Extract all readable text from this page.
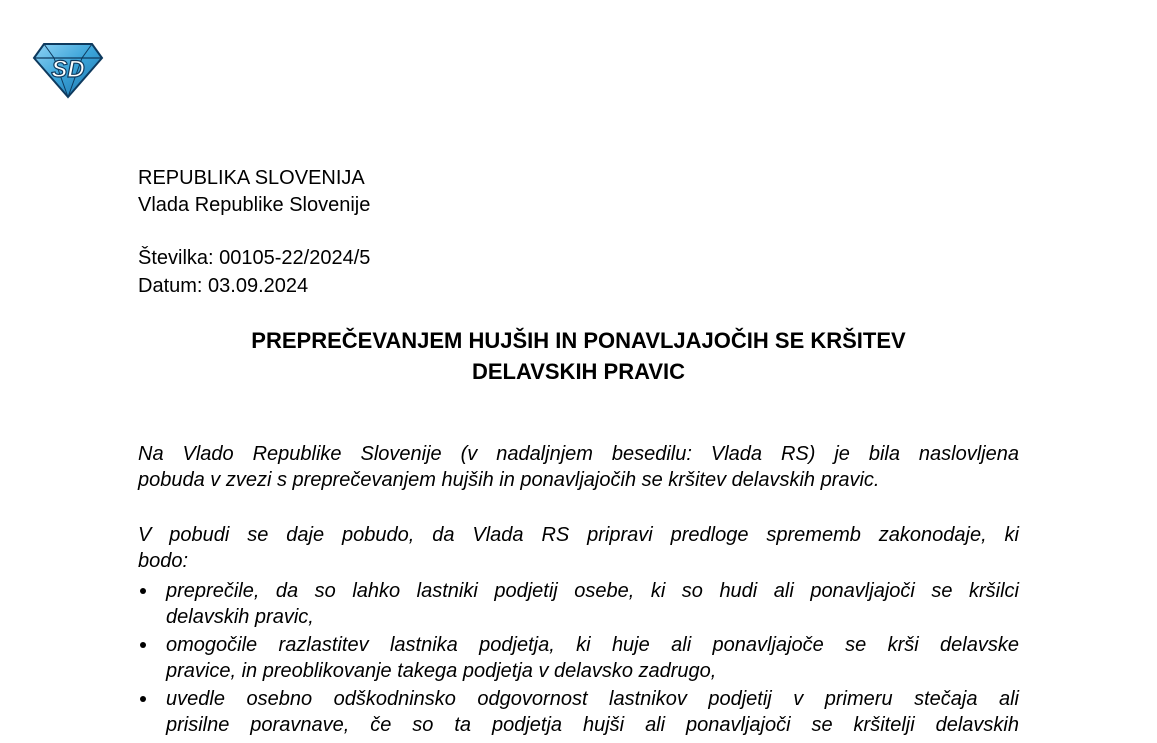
SD
REPUBLIKA SLOVENIJA
Vlada Republike Slovenije
Številka: 00105-22/2024/5
Datum: 03.09.2024
PREPREČEVANJEM HUJŠIH IN PONAVLJAJOČIH SE KRŠITEV
DELAVSKIH PRAVIC
Na Vlado Republike Slovenije (v nadaljnjem besedilu: Vlada RS) je bila naslovljena
pobuda v zvezi s preprečevanjem hujših in ponavljajočih se kršitev delavskih pravic.
V pobudi se daje pobudo, da Vlada RS pripravi predloge sprememb zakonodaje, ki
bodo:
preprečile, da so lahko lastniki podjetij osebe, ki so hudi ali ponavljajoči se kršilci
delavskih pravic,
omogočile razlastitev lastnika podjetja, ki huje ali ponavljajoče se krši delavske
pravice, in preoblikovanje takega podjetja v delavsko zadrugo,
uvedle osebno odškodninsko odgovornost lastnikov podjetij v primeru stečaja ali
prisilne poravnave, če so ta podjetja hujši ali ponavljajoči se kršitelji delavskih
